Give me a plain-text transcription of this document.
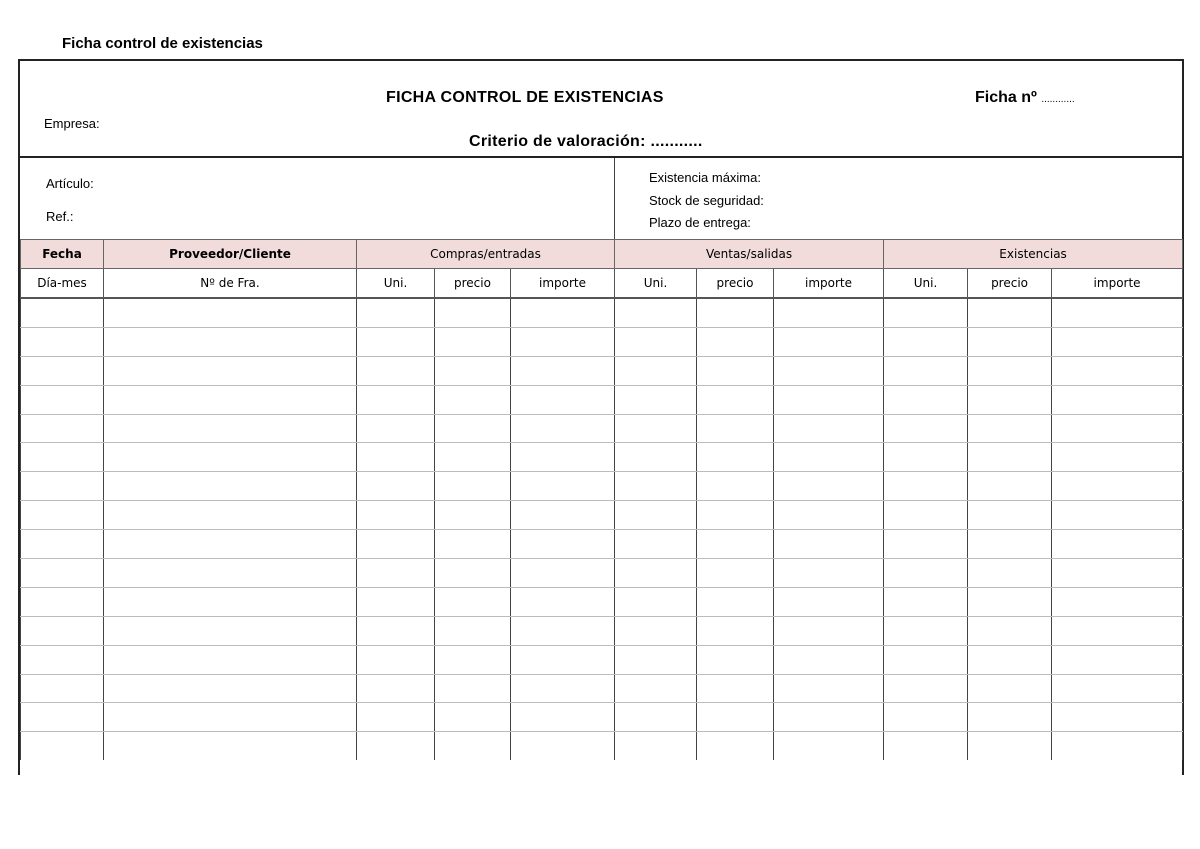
Ficha control de existencias
Empresa:
FICHA CONTROL DE EXISTENCIAS
Criterio de valoración: ...........
Ficha nº ............
Artículo:
Ref.:
Existencia máxima:
Stock de seguridad:
Plazo de entrega:
Fecha	Proveedor/Cliente	Compras/entradas			Ventas/salidas			Existencias		
Día-mes	Nº de Fra.	Uni.	precio	importe	Uni.	precio	importe	Uni.	precio	importe
